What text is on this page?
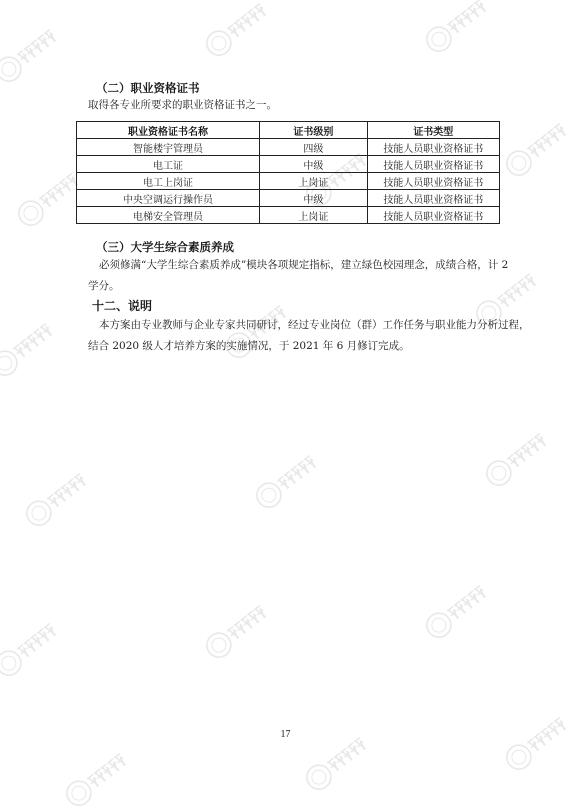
（二）职业资格证书
取得各专业所要求的职业资格证书之一。
职业资格证书名称	证书级别	证书类型
智能楼宇管理员	四级	技能人员职业资格证书
电工证	中级	技能人员职业资格证书
电工上岗证	上岗证	技能人员职业资格证书
中央空调运行操作员	中级	技能人员职业资格证书
电梯安全管理员	上岗证	技能人员职业资格证书
（三）大学生综合素质养成
必须修满“大学生综合素质养成”模块各项规定指标，建立绿色校园理念，成绩合格，计 2
学分。
十二、说明
本方案由专业教师与企业专家共同研讨，经过专业岗位（群）工作任务与职业能力分析过程，
结合 2020 级人才培养方案的实施情况，于 2021 年 6 月修订完成。
17
